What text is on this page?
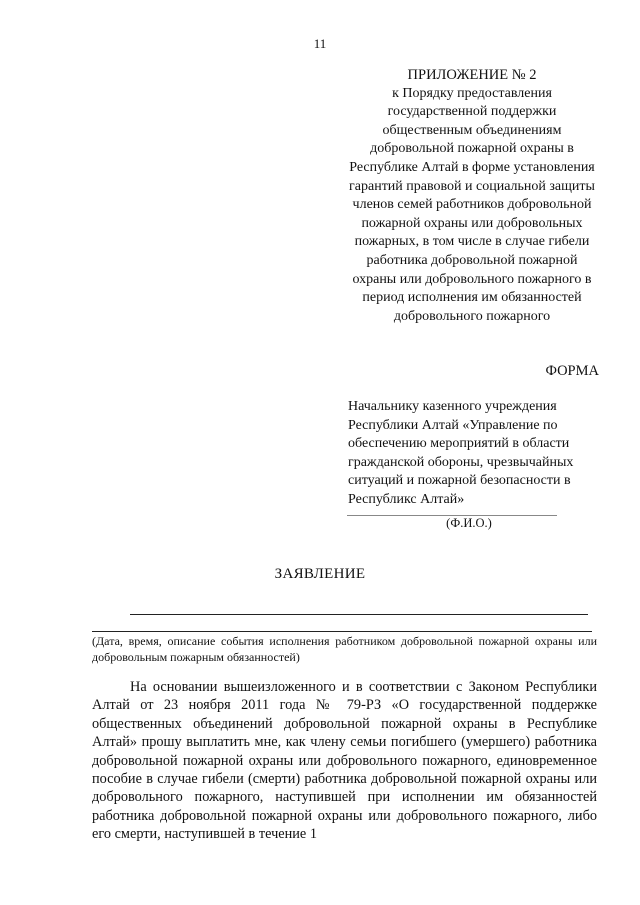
11
ПРИЛОЖЕНИЕ № 2
к Порядку предоставления государственной поддержки общественным объединениям добровольной пожарной охраны в Республике Алтай в форме установления гарантий правовой и социальной защиты членов семей работников добровольной пожарной охраны или добровольных пожарных, в том числе в случае гибели работника добровольной пожарной охраны или добровольного пожарного в период исполнения им обязанностей добровольного пожарного
ФОРМА
Начальнику казенного учреждения Республики Алтай «Управление по обеспечению мероприятий в области гражданской обороны, чрезвычайных ситуаций и пожарной безопасности в Республикс Алтай»
(Ф.И.О.)
ЗАЯВЛЕНИЕ
(Дата, время, описание события исполнения работником добровольной пожарной охраны или добровольным пожарным обязанностей)

На основании вышеизложенного и в соответствии с Законом Республики Алтай от 23 ноября 2011 года № 79-РЗ «О государственной поддержке общественных объединений добровольной пожарной охраны в Республике Алтай» прошу выплатить мне, как члену семьи погибшего (умершего) работника добровольной пожарной охраны или добровольного пожарного, единовременное пособие в случае гибели (смерти) работника добровольной пожарной охраны или добровольного пожарного, наступившей при исполнении им обязанностей работника добровольной пожарной охраны или добровольного пожарного, либо его смерти, наступившей в течение 1
